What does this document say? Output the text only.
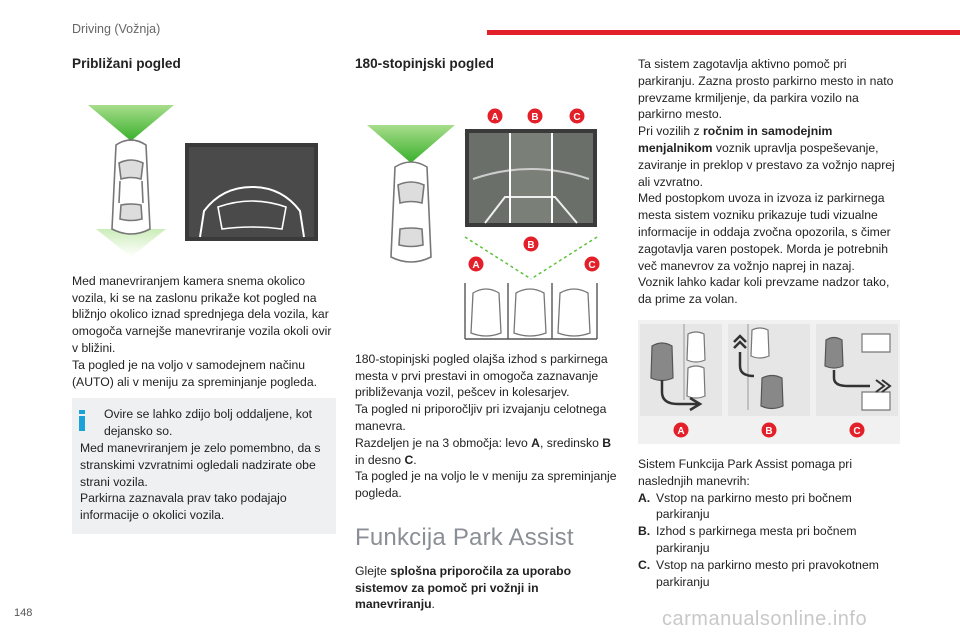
Driving (Vožnja)
Približani pogled

Med manevriranjem kamera snema okolico vozila, ki se na zaslonu prikaže kot pogled na bližnjo okolico iznad sprednjega dela vozila, kar omogoča varnejše manevriranje vozila okoli ovir v bližini.

Ta pogled je na voljo v samodejnem načinu (AUTO) ali v meniju za spreminjanje pogleda.

Ovire se lahko zdijo bolj oddaljene, kot dejansko so.

Med manevriranjem je zelo pomembno, da s stranskimi vzvratnimi ogledali nadzirate obe strani vozila.

Parkirna zaznavala prav tako podajajo informacije o okolici vozila.

180-stopinjski pogled
A	B	C
B
A	C

180-stopinjski pogled olajša izhod s parkirnega mesta v prvi prestavi in omogoča zaznavanje približevanja vozil, pešcev in kolesarjev.

Ta pogled ni priporočljiv pri izvajanju celotnega manevra.

Razdeljen je na 3 območja: levo A, sredinsko B in desno C.

Ta pogled je na voljo le v meniju za spreminjanje pogleda.

Funkcija Park Assist

Glejte splošna priporočila za uporabo sistemov za pomoč pri vožnji in manevriranju.

Ta sistem zagotavlja aktivno pomoč pri parkiranju. Zazna prosto parkirno mesto in nato prevzame krmiljenje, da parkira vozilo na parkirno mesto.

Pri vozilih z ročnim in samodejnim menjalnikom voznik upravlja pospeševanje, zaviranje in preklop v prestavo za vožnjo naprej ali vzvratno.

Med postopkom uvoza in izvoza iz parkirnega mesta sistem vozniku prikazuje tudi vizualne informacije in oddaja zvočna opozorila, s čimer zagotavlja varen postopek. Morda je potrebnih več manevrov za vožnjo naprej in nazaj.

Voznik lahko kadar koli prevzame nadzor tako, da prime za volan.

A	B	C

Sistem Funkcija Park Assist pomaga pri naslednjih manevrih:

A. Vstop na parkirno mesto pri bočnem parkiranju
B. Izhod s parkirnega mesta pri bočnem parkiranju
C. Vstop na parkirno mesto pri pravokotnem parkiranju
148	carmanualsonline.info
